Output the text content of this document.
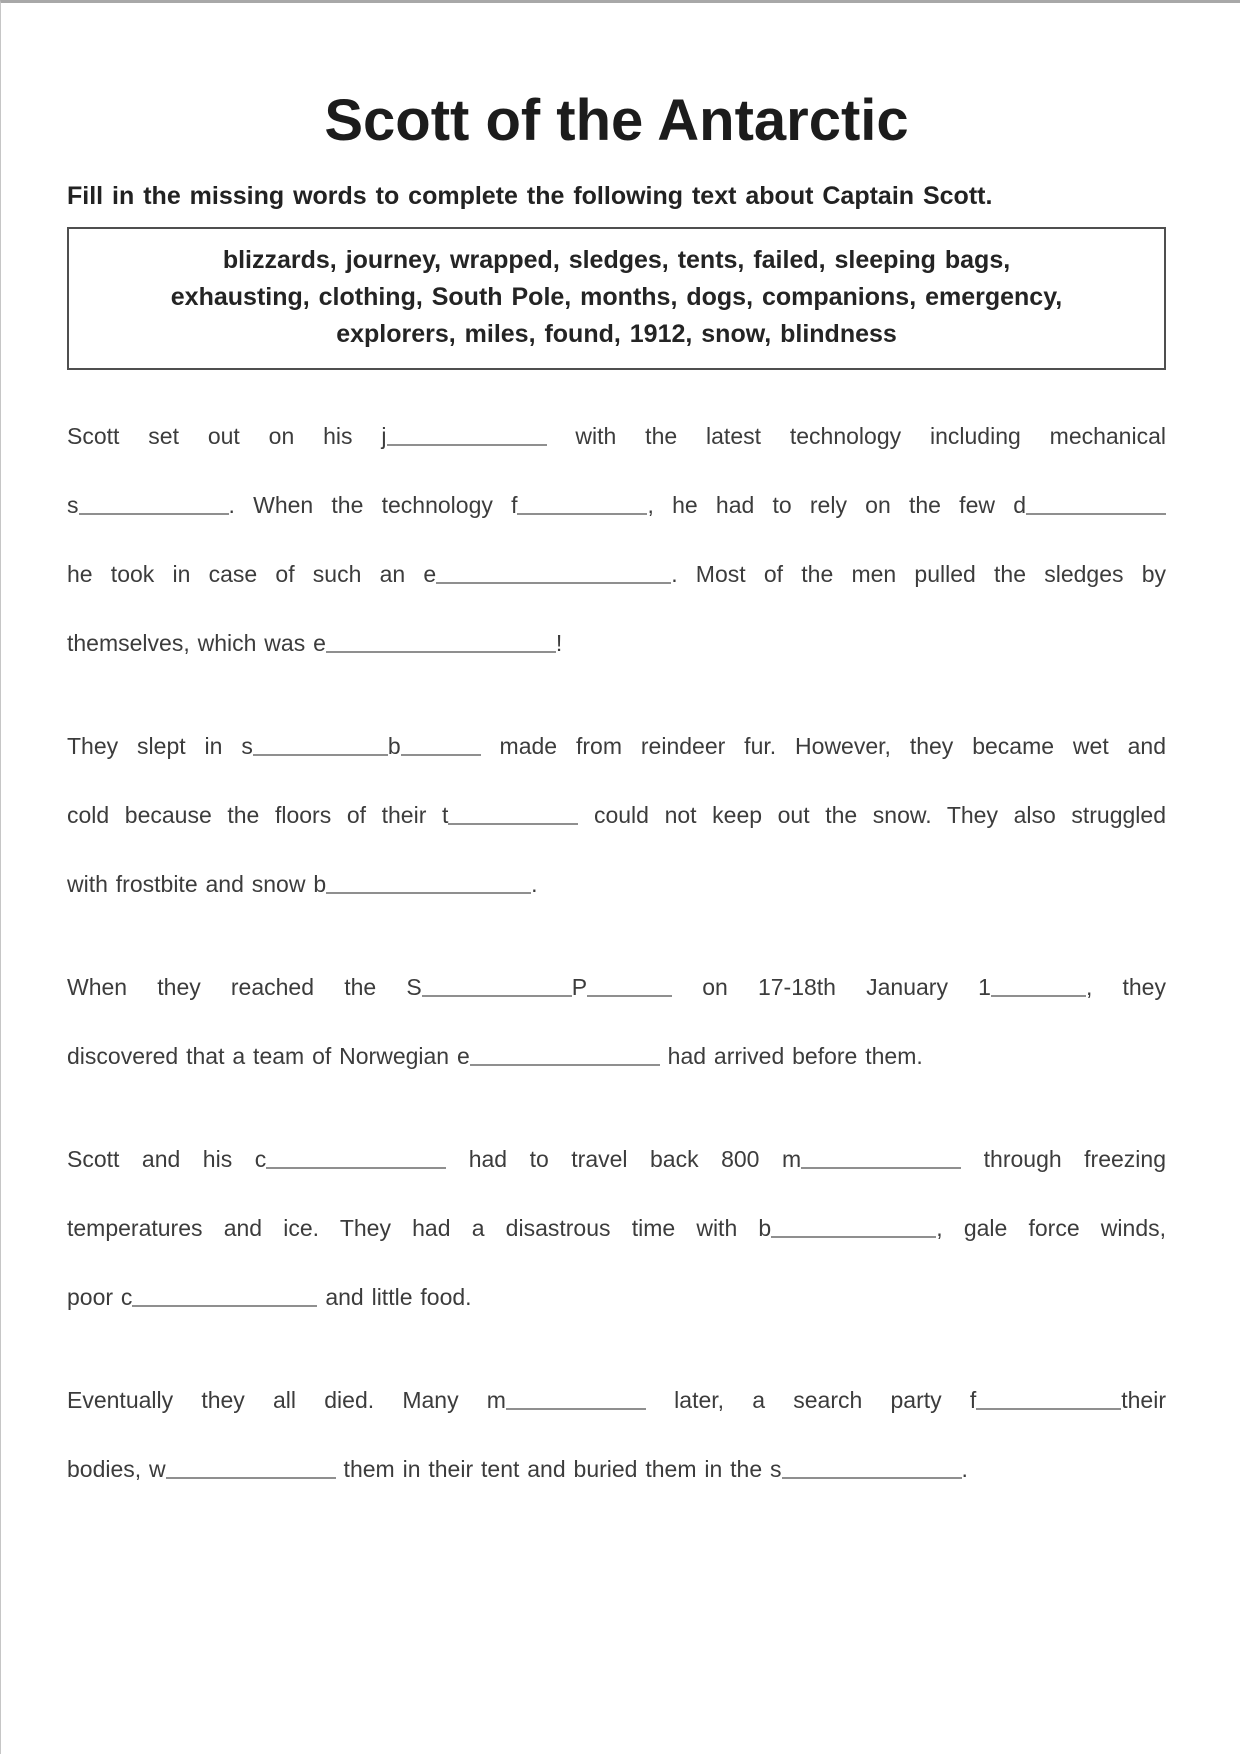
Scott of the Antarctic
Fill in the missing words to complete the following text about Captain Scott.
blizzards, journey, wrapped, sledges, tents, failed, sleeping bags,
exhausting, clothing, South Pole, months, dogs, companions, emergency,
explorers, miles, found, 1912, snow, blindness
Scott set out on his j	with the latest technology including mechanical
s	. When the technology f	, he had to rely on the few d
he took in case of such an e	. Most of the men pulled the sledges by
themselves, which was e	!
They slept in s	b	made from reindeer fur. However, they became wet and
cold because the floors of their t	could not keep out the snow. They also struggled
with frostbite and snow b	.
When they reached the S	P	on 17-18th January 1	, they
discovered that a team of Norwegian e	had arrived before them.
Scott and his c	had to travel back 800 m	through freezing
temperatures and ice. They had a disastrous time with b	, gale force winds,
poor c	and little food.
Eventually they all died. Many m	later, a search party f	their
bodies, w	them in their tent and buried them in the s	.
